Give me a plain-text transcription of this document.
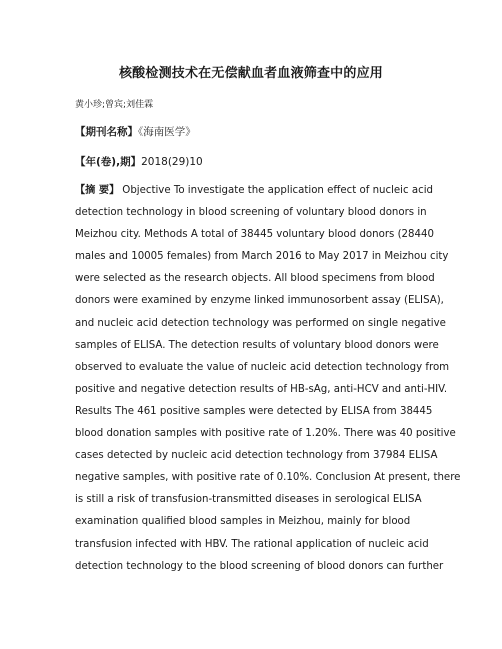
核酸检测技术在无偿献血者血液筛查中的应用
黄小珍;曾宾;刘佳霖
【期刊名称】《海南医学》
【年(卷),期】2018(29)10
【摘 要】 Objective To investigate the application effect of nucleic acid
detection technology in blood screening of voluntary blood donors in
Meizhou city. Methods A total of 38445 voluntary blood donors (28440
males and 10005 females) from March 2016 to May 2017 in Meizhou city
were selected as the research objects. All blood specimens from blood
donors were examined by enzyme linked immunosorbent assay (ELISA),
and nucleic acid detection technology was performed on single negative
samples of ELISA. The detection results of voluntary blood donors were
observed to evaluate the value of nucleic acid detection technology from
positive and negative detection results of HB-sAg, anti-HCV and anti-HIV.
Results The 461 positive samples were detected by ELISA from 38445
blood donation samples with positive rate of 1.20%. There was 40 positive
cases detected by nucleic acid detection technology from 37984 ELISA
negative samples, with positive rate of 0.10%. Conclusion At present, there
is still a risk of transfusion-transmitted diseases in serological ELISA
examination qualified blood samples in Meizhou, mainly for blood
transfusion infected with HBV. The rational application of nucleic acid
detection technology to the blood screening of blood donors can further
